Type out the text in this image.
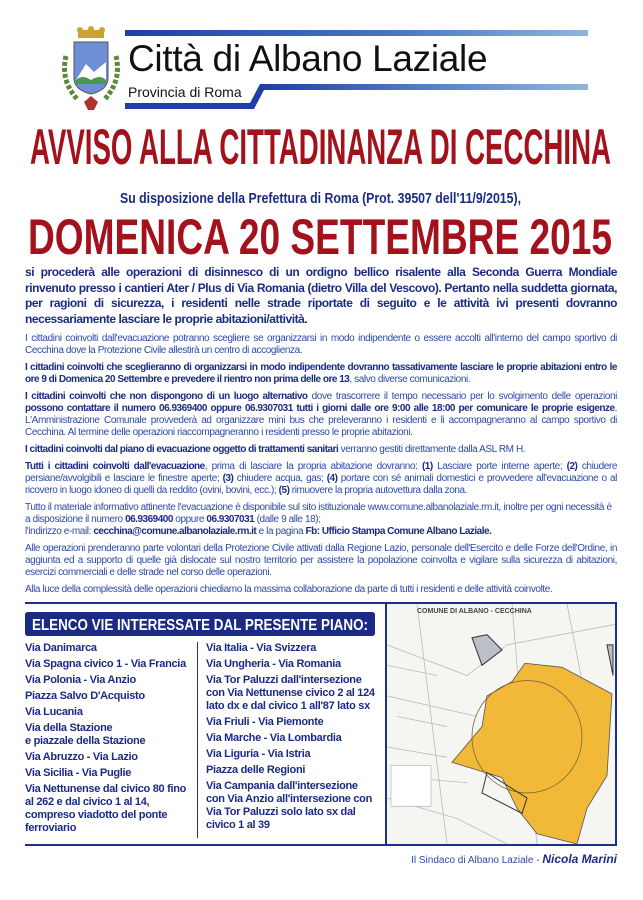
Città di Albano Laziale
Provincia di Roma
AVVISO ALLA CITTADINANZA DI CECCHINA
Su disposizione della Prefettura di Roma (Prot. 39507 dell'11/9/2015),
DOMENICA 20 SETTEMBRE 2015
si procederà alle operazioni di disinnesco di un ordigno bellico risalente alla Seconda Guerra Mondiale rinvenuto presso i cantieri Ater / Plus di Via Romania (dietro Villa del Vescovo). Pertanto nella suddetta giornata, per ragioni di sicurezza, i residenti nelle strade riportate di seguito e le attività ivi presenti dovranno necessariamente lasciare le proprie abitazioni/attività.

I cittadini coinvolti dall'evacuazione potranno scegliere se organizzarsi in modo indipendente o essere accolti all'interno del campo sportivo di Cecchina dove la Protezione Civile allestirà un centro di accoglienza.

I cittadini coinvolti che sceglieranno di organizzarsi in modo indipendente dovranno tassativamente lasciare le proprie abitazioni entro le ore 9 di Domenica 20 Settembre e prevedere il rientro non prima delle ore 13, salvo diverse comunicazioni.

I cittadini coinvolti che non dispongono di un luogo alternativo dove trascorrere il tempo necessario per lo svolgimento delle operazioni possono contattare il numero 06.9369400 oppure 06.9307031 tutti i giorni dalle ore 9:00 alle 18:00 per comunicare le proprie esigenze. L'Amministrazione Comunale provvederà ad organizzare mini bus che preleveranno i residenti e li accompagneranno al campo sportivo di Cecchina. Al termine delle operazioni riaccompagneranno i residenti presso le proprie abitazioni.

I cittadini coinvolti dal piano di evacuazione oggetto di trattamenti sanitari verranno gestiti direttamente dalla ASL RM H.

Tutti i cittadini coinvolti dall'evacuazione, prima di lasciare la propria abitazione dovranno: (1) Lasciare porte interne aperte; (2) chiudere persiane/avvolgibili e lasciare le finestre aperte; (3) chiudere acqua, gas; (4) portare con sé animali domestici e provvedere all'evacuazione o al ricovero in luogo idoneo di quelli da reddito (ovini, bovini, ecc.); (5) rimuovere la propria autovettura dalla zona.

Tutto il materiale informativo attinente l'evacuazione è disponibile sul sito istituzionale www.comune.albanolaziale.rm.it, inoltre per ogni necessità è a disposizione il numero 06.9369400 oppure 06.9307031 (dalle 9 alle 18);
l'indirizzo e-mail: cecchina@comune.albanolaziale.rm.it e la pagina Fb: Ufficio Stampa Comune Albano Laziale.

Alle operazioni prenderanno parte volontari della Protezione Civile attivati dalla Regione Lazio, personale dell'Esercito e delle Forze dell'Ordine, in aggiunta ed a supporto di quelle già dislocate sul nostro territorio per assistere la popolazione coinvolta e vigilare sulla sicurezza di abitazioni, esercizi commerciali e delle strade nel corso delle operazioni.

Alla luce della complessità delle operazioni chiediamo la massima collaborazione da parte di tutti i residenti e delle attività coinvolte.

ELENCO VIE INTERESSATE DAL PRESENTE PIANO:
Via Danimarca
Via Spagna civico 1 - Via Francia
Via Polonia - Via Anzio
Piazza Salvo D'Acquisto
Via Lucania
Via della Stazione
e piazzale della Stazione
Via Abruzzo - Via Lazio
Via Sicilia - Via Puglie
Via Nettunense dal civico 80 fino al 262 e dal civico 1 al 14, compreso viadotto del ponte ferroviario
Via Italia - Via Svizzera
Via Ungheria - Via Romania
Via Tor Paluzzi dall'intersezione con Via Nettunense civico 2 al 124 lato dx e dal civico 1 all'87 lato sx
Via Friuli - Via Piemonte
Via Marche - Via Lombardia
Via Liguria - Via Istria
Piazza delle Regioni
Via Campania dall'intersezione con Via Anzio all'intersezione con Via Tor Paluzzi solo lato sx dal civico 1 al 39
COMUNE DI ALBANO - CECCHINA
Il Sindaco di Albano Laziale - Nicola Marini
